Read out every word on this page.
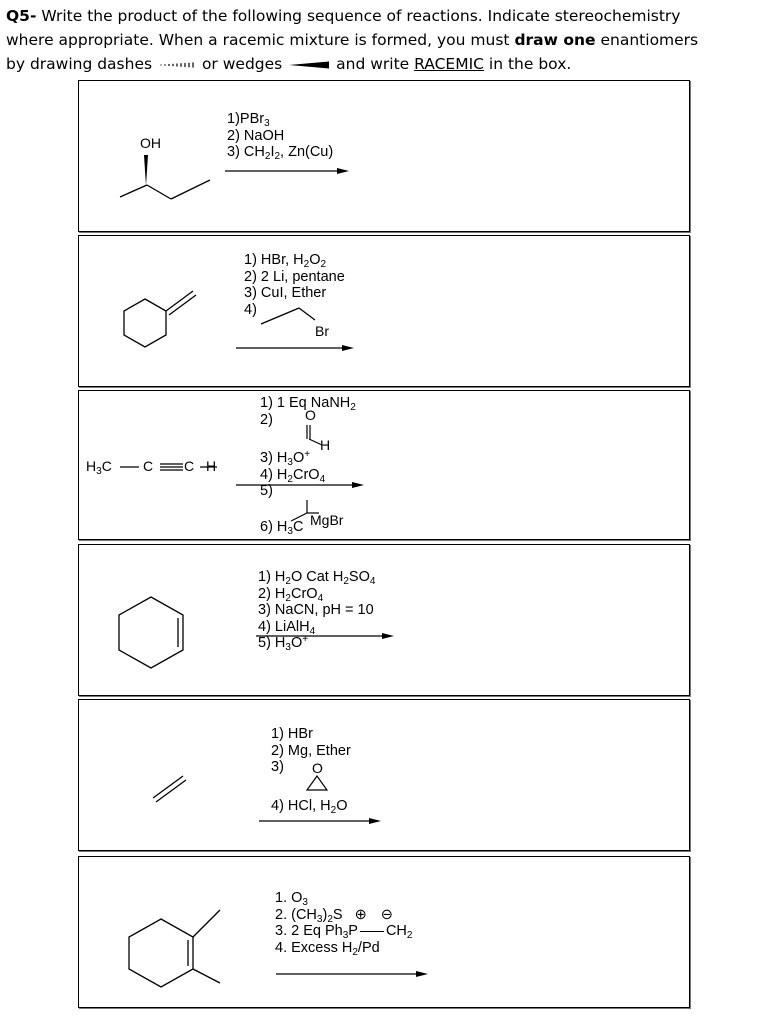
Q5- Write the product of the following sequence of reactions. Indicate stereochemistry
where appropriate. When a racemic mixture is formed, you must draw one enantiomers
by drawing dashes	or wedges	and write RACEMIC in the box.
OH
1)PBr$_3$
2) NaOH
3) $CH_2I_2$, Zn(Cu)
1) HBr, $H_2O_2$
2) 2 Li, pentane
3) CuI, Ether
4)
Br
$H_3C$ C C H
1) 1 Eq NaNH$_2$
2)	O
H
3) $H_3O^+$
4) $H_2CrO_4$
5)
6) $H_3C$ MgBr
1) $H_2O$ Cat $H_2SO_4$
2) $H_2CrO_4$
3) NaCN, pH = 10
4) LiAlH$_4$
5) $H_3O^+$
1) HBr
2) Mg, Ether
3)	O
4) HCl, $H_2O$
1. $O_3$
2. $(CH_3)_2S$ ⊕ ⊖
3. 2 Eq $Ph_3P$ $CH_2$
4. Excess $H_2/Pd$
